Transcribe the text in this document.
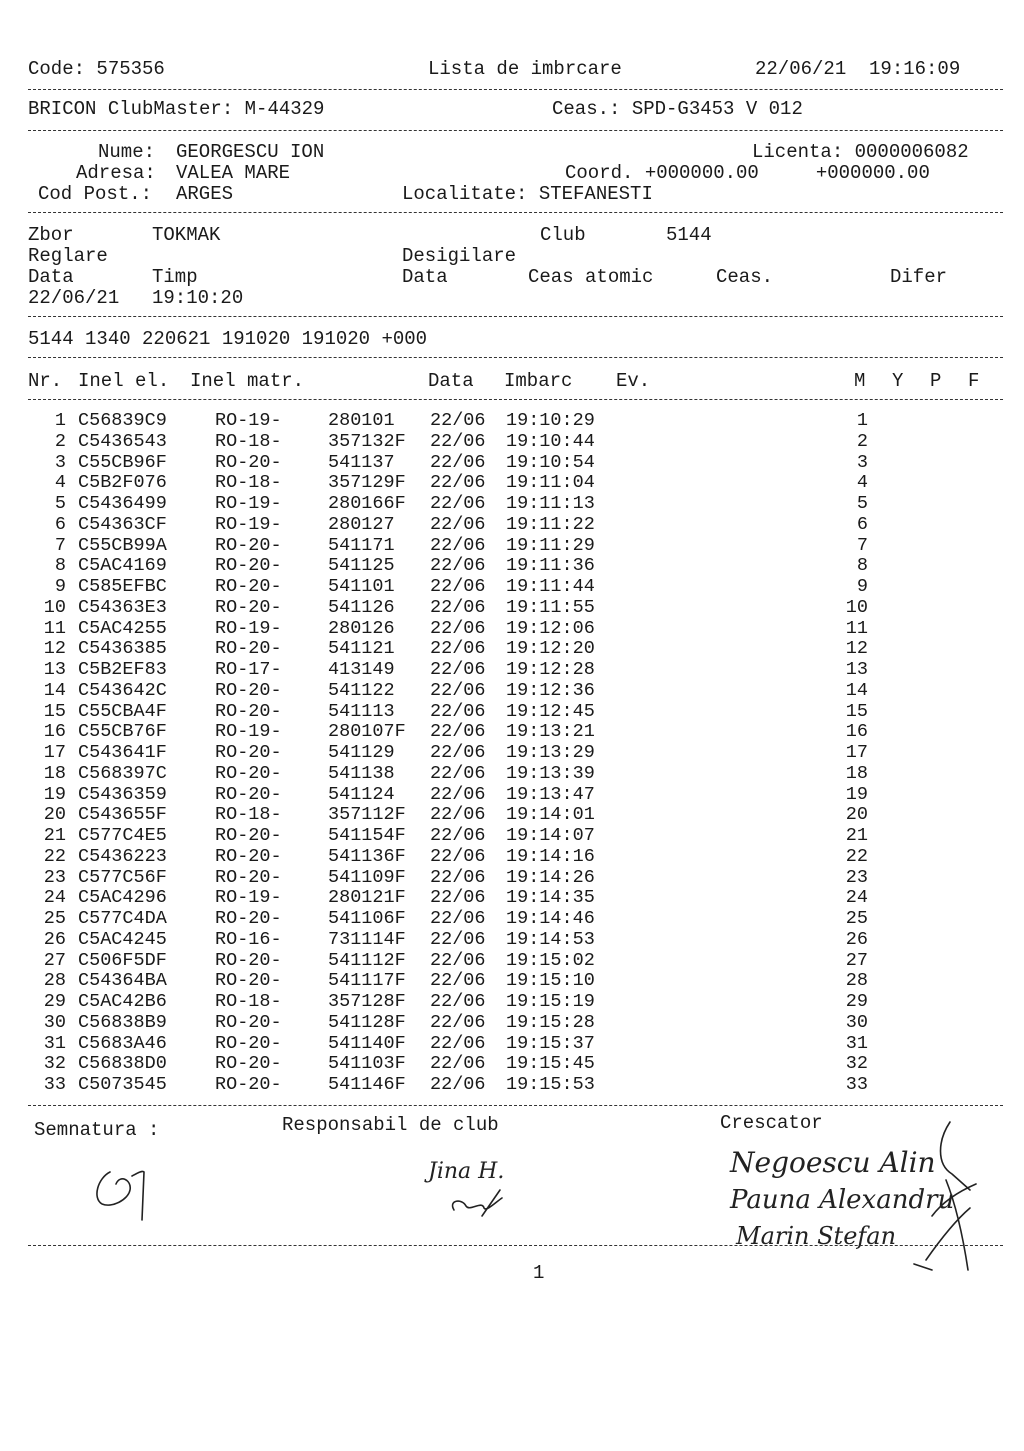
Code: 575356	Lista de imbrcare	22/06/21  19:16:09
BRICON ClubMaster: M-44329	Ceas.: SPD-G3453 V 012
Nume: GEORGESCU ION	Licenta: 0000006082
Adresa: VALEA MARE	Coord. +000000.00     +000000.00
Cod Post.: ARGES	Localitate: STEFANESTI
Zbor	TOKMAK	Club	5144
Reglare	Desigilare
Data	Timp	Data	Ceas atomic	Ceas.	Difer
22/06/21 19:10:20
5144 1340 220621 191020 191020 +000
Nr. Inel el. Inel matr.	Data Imbarc Ev.	M Y P F
1 C56839C9	RO-19-	280101 22/06 19:10:29	1
2 C5436543	RO-18-	357132F 22/06 19:10:44	2
3 C55CB96F	RO-20-	541137 22/06 19:10:54	3
4 C5B2F076	RO-18-	357129F 22/06 19:11:04	4
5 C5436499	RO-19-	280166F 22/06 19:11:13	5
6 C54363CF	RO-19-	280127 22/06 19:11:22	6
7 C55CB99A	RO-20-	541171 22/06 19:11:29	7
8 C5AC4169	RO-20-	541125 22/06 19:11:36	8
9 C585EFBC	RO-20-	541101 22/06 19:11:44	9
10 C54363E3	RO-20-	541126 22/06 19:11:55	10
11 C5AC4255	RO-19-	280126 22/06 19:12:06	11
12 C5436385	RO-20-	541121 22/06 19:12:20	12
13 C5B2EF83	RO-17-	413149 22/06 19:12:28	13
14 C543642C	RO-20-	541122 22/06 19:12:36	14
15 C55CBA4F	RO-20-	541113 22/06 19:12:45	15
16 C55CB76F	RO-19-	280107F 22/06 19:13:21	16
17 C543641F	RO-20-	541129 22/06 19:13:29	17
18 C568397C	RO-20-	541138 22/06 19:13:39	18
19 C5436359	RO-20-	541124 22/06 19:13:47	19
20 C543655F	RO-18-	357112F 22/06 19:14:01	20
21 C577C4E5	RO-20-	541154F 22/06 19:14:07	21
22 C5436223	RO-20-	541136F 22/06 19:14:16	22
23 C577C56F	RO-20-	541109F 22/06 19:14:26	23
24 C5AC4296	RO-19-	280121F 22/06 19:14:35	24
25 C577C4DA	RO-20-	541106F 22/06 19:14:46	25
26 C5AC4245	RO-16-	731114F 22/06 19:14:53	26
27 C506F5DF	RO-20-	541112F 22/06 19:15:02	27
28 C54364BA	RO-20-	541117F 22/06 19:15:10	28
29 C5AC42B6	RO-18-	357128F 22/06 19:15:19	29
30 C56838B9	RO-20-	541128F 22/06 19:15:28	30
31 C5683A46	RO-20-	541140F 22/06 19:15:37	31
32 C56838D0	RO-20-	541103F 22/06 19:15:45	32
33 C5073545	RO-20-	541146F 22/06 19:15:53	33
Semnatura :	Responsabil de club	Crescator
Jina H.	Negoescu Alin
Pauna Alexandru
Marin Stefan
1
